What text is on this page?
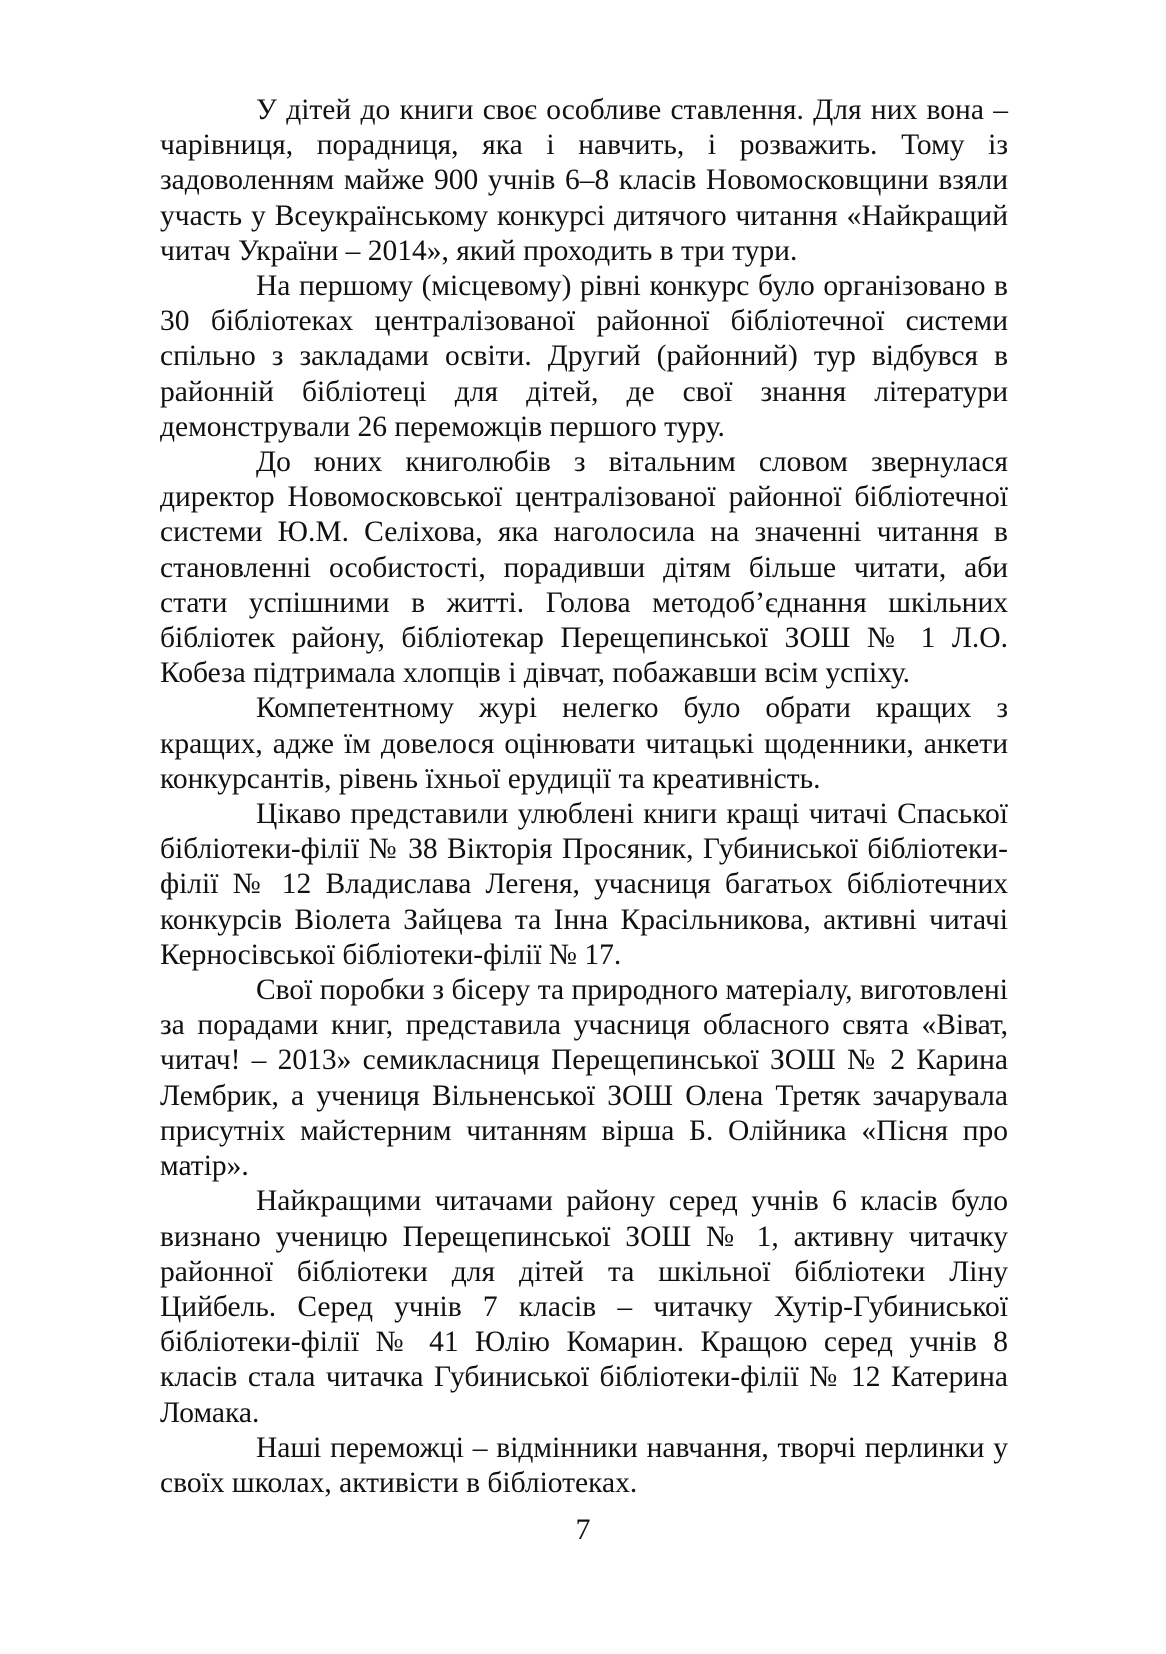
У дітей до книги своє особливе ставлення. Для них вона – чарівниця, порадниця, яка і навчить, і розважить. Тому із задоволенням майже 900 учнів 6–8 класів Новомосковщини взяли участь у Всеукраїнському конкурсі дитячого читання «Найкращий читач України – 2014», який проходить в три тури.

На першому (місцевому) рівні конкурс було організовано в 30 бібліотеках централізованої районної бібліотечної системи спільно з закладами освіти. Другий (районний) тур відбувся в районній бібліотеці для дітей, де свої знання літератури демонстрували 26 переможців першого туру.

До юних книголюбів з вітальним словом звернулася директор Новомосковської централізованої районної бібліотечної системи Ю.М. Селіхова, яка наголосила на значенні читання в становленні особистості, порадивши дітям більше читати, аби стати успішними в житті. Голова методоб’єднання шкільних бібліотек району, бібліотекар Перещепинської ЗОШ № 1 Л.О. Кобеза підтримала хлопців і дівчат, побажавши всім успіху.

Компетентному журі нелегко було обрати кращих з кращих, адже їм довелося оцінювати читацькі щоденники, анкети конкурсантів, рівень їхньої ерудиції та креативність.

Цікаво представили улюблені книги кращі читачі Спаської бібліотеки-філії № 38 Вікторія Просяник, Губиниської бібліотеки-філії № 12 Владислава Легеня, учасниця багатьох бібліотечних конкурсів Віолета Зайцева та Інна Красільникова, активні читачі Керносівської бібліотеки-філії № 17.

Свої поробки з бісеру та природного матеріалу, виготовлені за порадами книг, представила учасниця обласного свята «Віват, читач! – 2013» семикласниця Перещепинської ЗОШ № 2 Карина Лембрик, а учениця Вільненської ЗОШ Олена Третяк зачарувала присутніх майстерним читанням вірша Б. Олійника «Пісня про матір».

Найкращими читачами району серед учнів 6 класів було визнано ученицю Перещепинської ЗОШ № 1, активну читачку районної бібліотеки для дітей та шкільної бібліотеки Ліну Цийбель. Серед учнів 7 класів – читачку Хутір-Губиниської бібліотеки-філії № 41 Юлію Комарин. Кращою серед учнів 8 класів стала читачка Губиниської бібліотеки-філії № 12 Катерина Ломака.

Наші переможці – відмінники навчання, творчі перлинки у своїх школах, активісти в бібліотеках.

7
